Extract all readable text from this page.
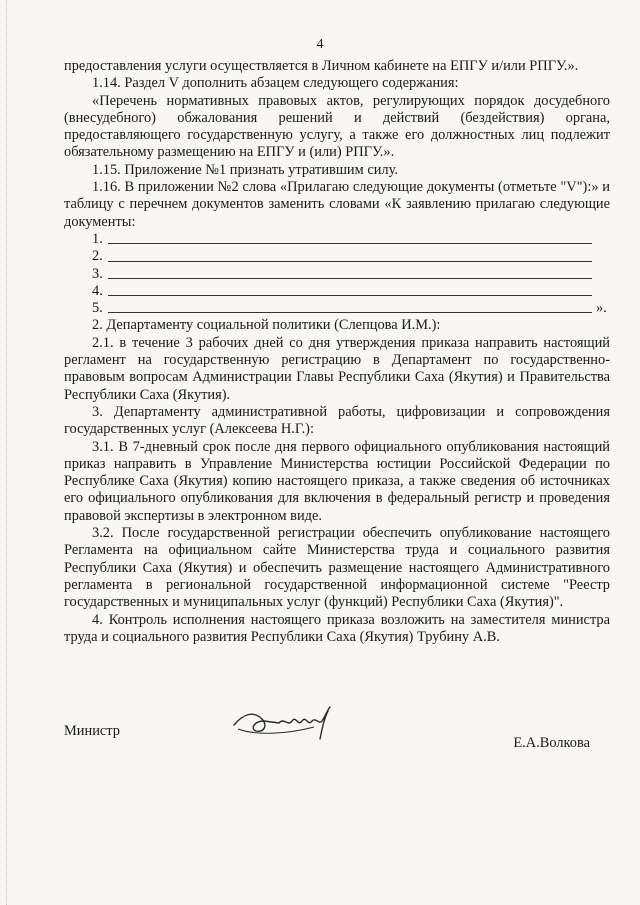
4

предоставления услуги осуществляется в Личном кабинете на ЕПГУ и/или РПГУ.».

1.14. Раздел V дополнить абзацем следующего содержания:

«Перечень нормативных правовых актов, регулирующих порядок досудебного (внесудебного) обжалования решений и действий (бездействия) органа, предоставляющего государственную услугу, а также его должностных лиц подлежит обязательному размещению на ЕПГУ и (или) РПГУ.».

1.15. Приложение №1 признать утратившим силу.

1.16. В приложении №2 слова «Прилагаю следующие документы (отметьте "V"):» и таблицу с перечнем документов заменить словами «К заявлению прилагаю следующие документы:

1.
2.
3.
4.
5.	».

2. Департаменту социальной политики (Слепцова И.М.):

2.1. в течение 3 рабочих дней со дня утверждения приказа направить настоящий регламент на государственную регистрацию в Департамент по государственно-правовым вопросам Администрации Главы Республики Саха (Якутия) и Правительства Республики Саха (Якутия).

3. Департаменту административной работы, цифровизации и сопровождения государственных услуг (Алексеева Н.Г.):

3.1. В 7-дневный срок после дня первого официального опубликования настоящий приказ направить в Управление Министерства юстиции Российской Федерации по Республике Саха (Якутия) копию настоящего приказа, а также сведения об источниках его официального опубликования для включения в федеральный регистр и проведения правовой экспертизы в электронном виде.

3.2. После государственной регистрации обеспечить опубликование настоящего Регламента на официальном сайте Министерства труда и социального развития Республики Саха (Якутия) и обеспечить размещение настоящего Административного регламента в региональной государственной информационной системе "Реестр государственных и муниципальных услуг (функций) Республики Саха (Якутия)".

4. Контроль исполнения настоящего приказа возложить на заместителя министра труда и социального развития Республики Саха (Якутия) Трубину А.В.

Министр
Е.А.Волкова
